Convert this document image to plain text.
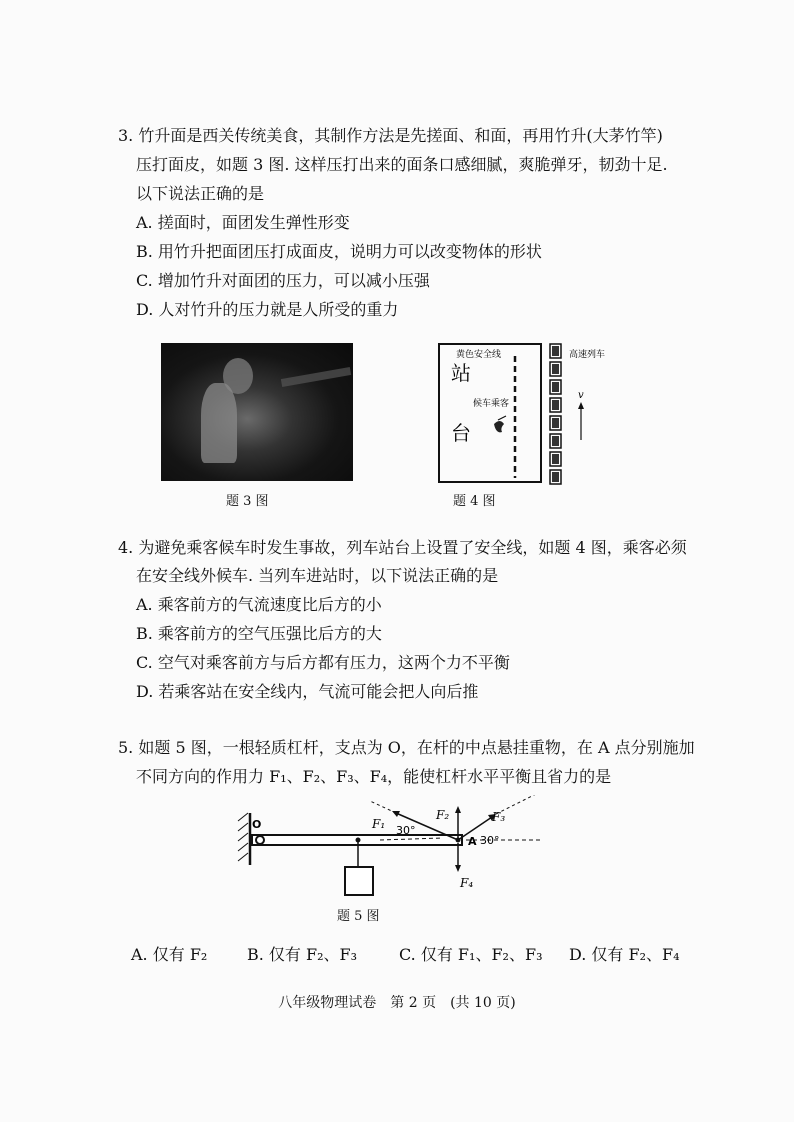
3. 竹升面是西关传统美食，其制作方法是先搓面、和面，再用竹升(大茅竹竿)
压打面皮，如题 3 图. 这样压打出来的面条口感细腻，爽脆弹牙，韧劲十足.
以下说法正确的是
A. 搓面时，面团发生弹性形变
B. 用竹升把面团压打成面皮，说明力可以改变物体的形状
C. 增加竹升对面团的压力，可以减小压强
D. 人对竹升的压力就是人所受的重力
题 3 图
黄色安全线
站
台
候车乘客
高速列车
v
题 4 图
4. 为避免乘客候车时发生事故，列车站台上设置了安全线，如题 4 图，乘客必须
在安全线外候车. 当列车进站时，以下说法正确的是
A. 乘客前方的气流速度比后方的小
B. 乘客前方的空气压强比后方的大
C. 空气对乘客前方与后方都有压力，这两个力不平衡
D. 若乘客站在安全线内，气流可能会把人向后推
5. 如题 5 图，一根轻质杠杆，支点为 O，在杆的中点悬挂重物，在 A 点分别施加
不同方向的作用力 F₁、F₂、F₃、F₄，能使杠杆水平平衡且省力的是
O
A
F₁ 30°
F₂	F₃
30°
F₄
题 5 图
A. 仅有 F₂ B. 仅有 F₂、F₃	C. 仅有 F₁、F₂、F₃ D. 仅有 F₂、F₄
八年级物理试卷　第 2 页　(共 10 页)
